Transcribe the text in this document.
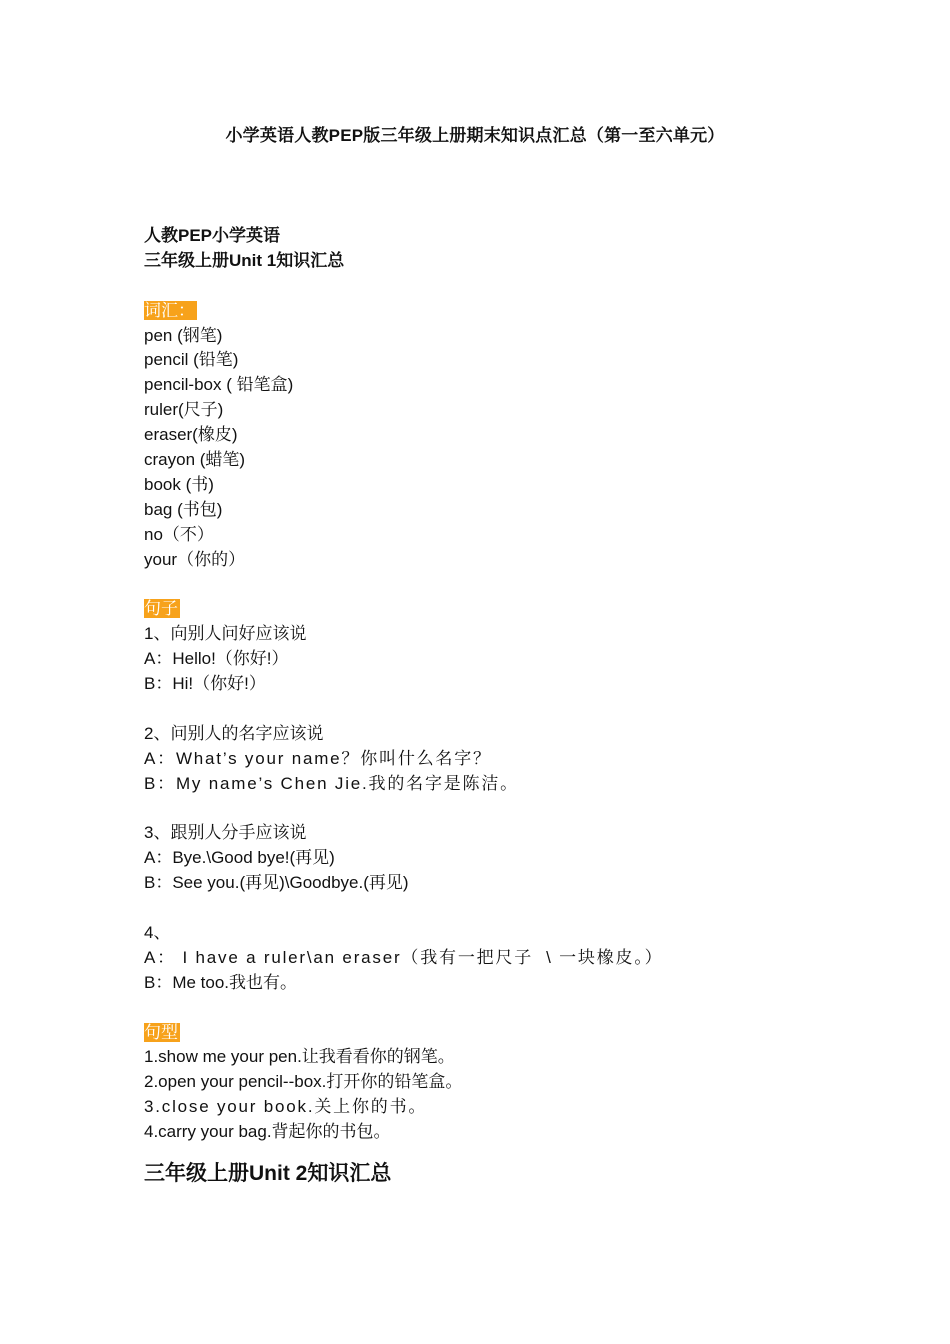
小学英语人教PEP版三年级上册期末知识点汇总（第一至六单元）
人教PEP小学英语
三年级上册Unit 1知识汇总
词汇：
pen (钢笔)
pencil (铅笔)
pencil-box ( 铅笔盒)
ruler(尺子)
eraser(橡皮)
crayon (蜡笔)
book (书)
bag (书包)
no（不）
your（你的）
句子
1、向别人问好应该说
A：Hello!（你好!）
B：Hi!（你好!）
2、问别人的名字应该说
A：What’s your name？你叫什么名字？
B：My name’s Chen Jie.我的名字是陈洁。
3、跟别人分手应该说
A：Bye.\Good bye!(再见)
B：See you.(再见)\Goodbye.(再见)
4、
A： I have a ruler\an eraser（我有一把尺子  \ 一块橡皮。）
B：Me too.我也有。
句型
1.show me your pen.让我看看你的钢笔。
2.open your pencil--box.打开你的铅笔盒。
3.close your book.关上你的书。
4.carry your bag.背起你的书包。
三年级上册Unit 2知识汇总
